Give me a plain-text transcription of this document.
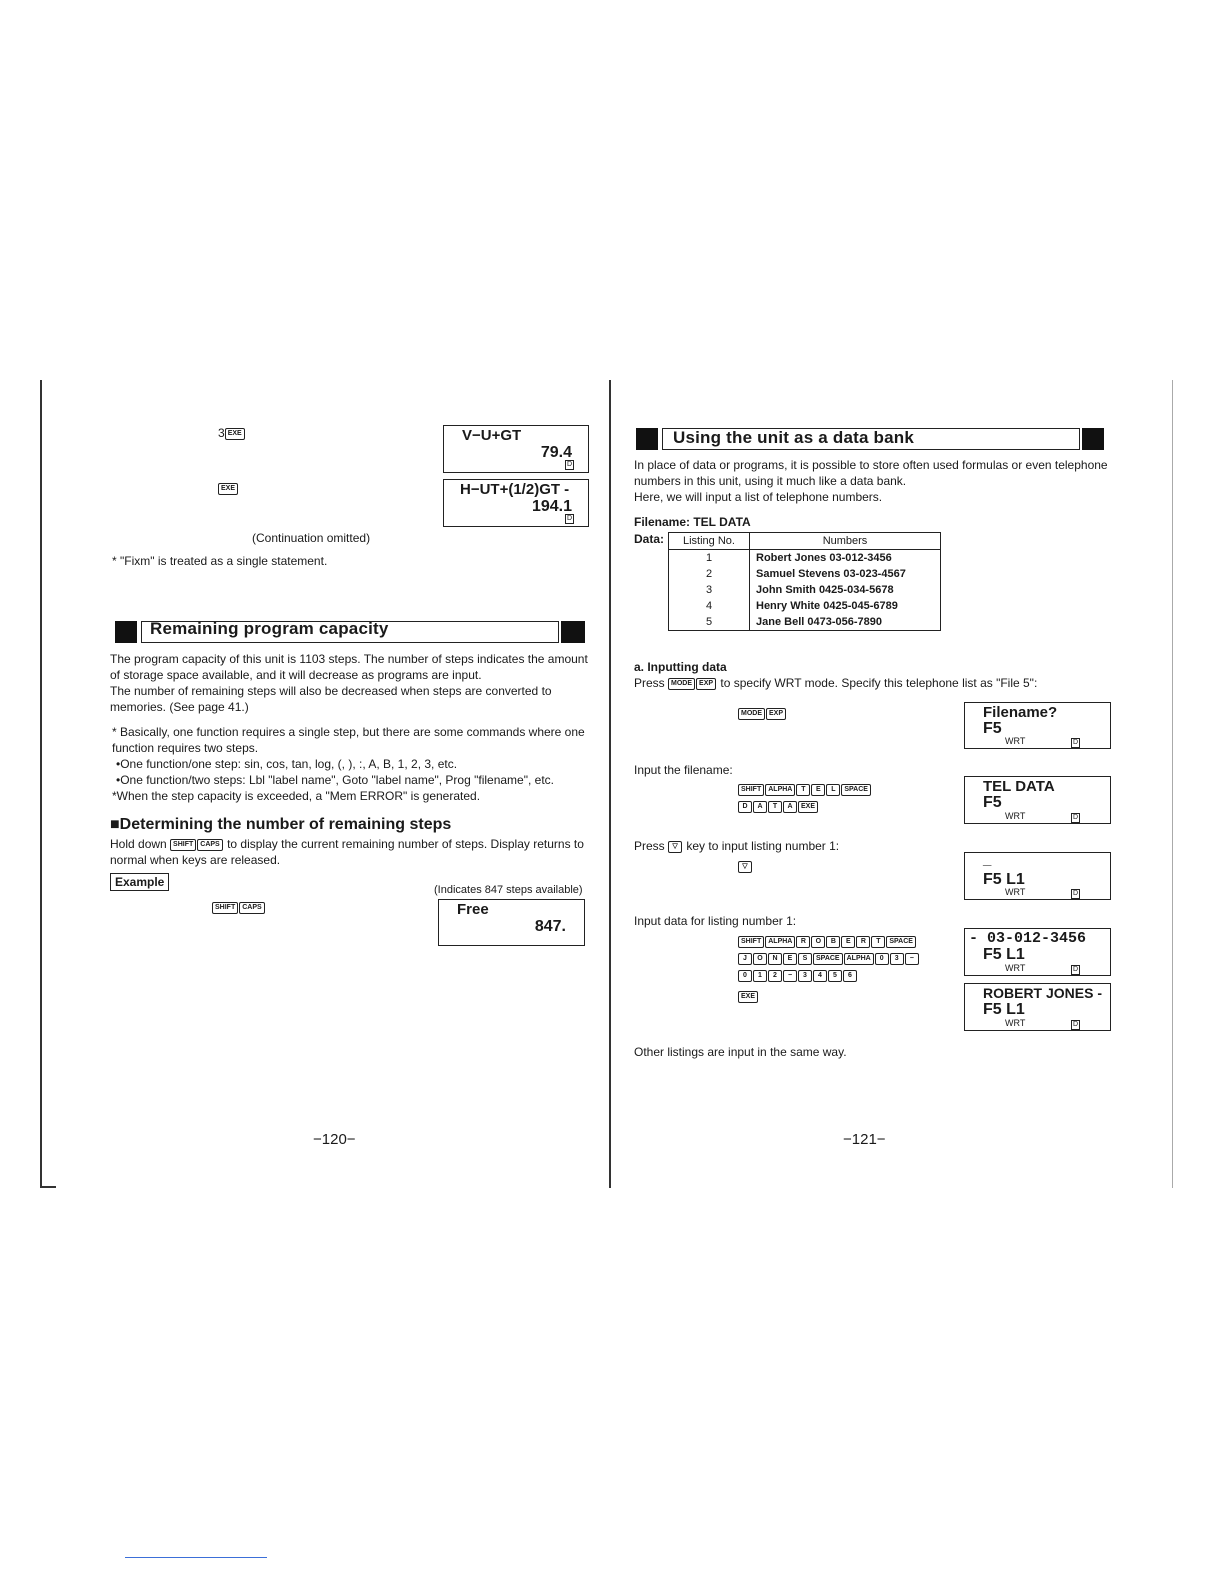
3 EXE
EXE
V−U+GT
79.4
D
H−UT+(1/2)GT -
194.1
D
(Continuation omitted)
* "Fixm" is treated as a single statement.
Remaining program capacity
The program capacity of this unit is 1103 steps. The number of steps indicates the amount of storage space available, and it will decrease as programs are input.
The number of remaining steps will also be decreased when steps are converted to memories. (See page 41.)
* Basically, one function requires a single step, but there are some commands where one function requires two steps.
•One function/one step: sin, cos, tan, log, (, ), :, A, B, 1, 2, 3, etc.
•One function/two steps: Lbl "label name", Goto "label name", Prog "filename", etc.
*When the step capacity is exceeded, a "Mem ERROR" is generated.
■Determining the number of remaining steps
Hold down SHIFT CAPS to display the current remaining number of steps. Display returns to normal when keys are released.
Example
(Indicates 847 steps available)
SHIFT CAPS	Free
847.
−120−
Using the unit as a data bank
In place of data or programs, it is possible to store often used formulas or even telephone numbers in this unit, using it much like a data bank.
Here, we will input a list of telephone numbers.
Filename: TEL DATA
Data: Listing No.	Numbers
1	Robert Jones 03-012-3456
2	Samuel Stevens 03-023-4567
3	John Smith 0425-034-5678
4	Henry White 0425-045-6789
5	Jane Bell 0473-056-7890
a. Inputting data
Press MODE EXP to specify WRT mode. Specify this telephone list as "File 5":
MODE EXP	Filename?
F5
WRT	D
Input the filename:
SHIFT ALPHA T E L SPACE
D A T A EXE
TEL DATA
F5
WRT	D
Press ▽ key to input listing number 1:
▽	_
F5 L1
WRT	D
Input data for listing number 1:
SHIFT ALPHA R O B E R T SPACE
J O N E S SPACE ALPHA 0 3 −
0 1 2 − 3 4 5 6
EXE
- 03-012-3456
F5 L1
WRT	D
ROBERT JONES -
F5 L1
WRT	D
Other listings are input in the same way.
−121−
